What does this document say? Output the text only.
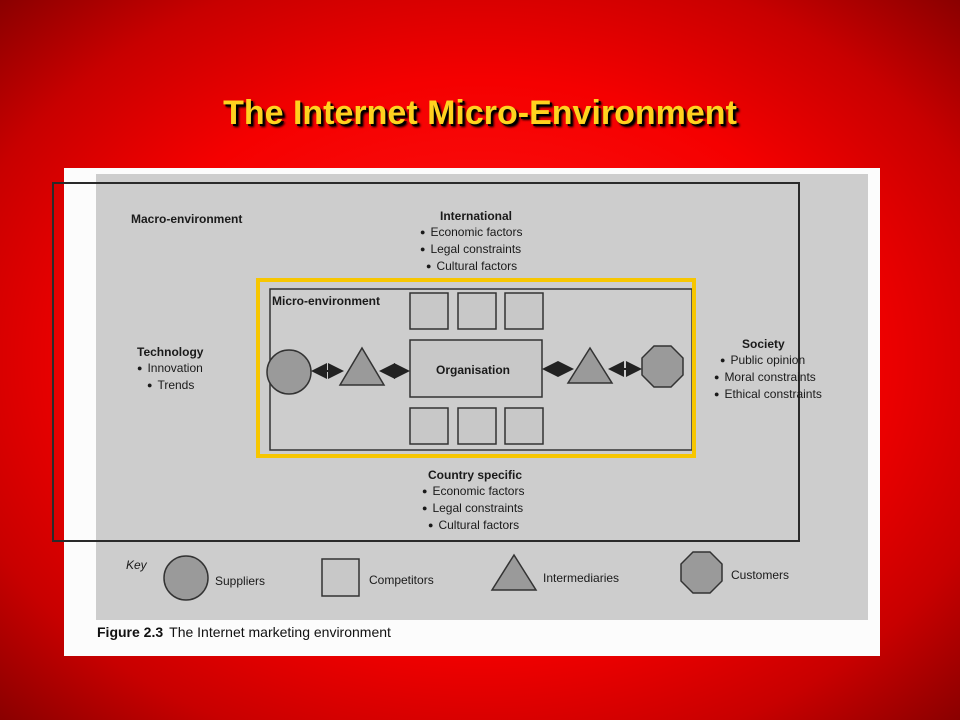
The Internet Micro-Environment
Macro-environment	International
● Economic factors
● Legal constraints
● Cultural factors
Technology
● Innovation
● Trends
Society
● Public opinion
● Moral constraints
● Ethical constraints
Country specific
● Economic factors
● Legal constraints
● Cultural factors
Micro-environment
Organisation
Key
Suppliers	Competitors	Intermediaries	Customers
Figure 2.3 The Internet marketing environment
